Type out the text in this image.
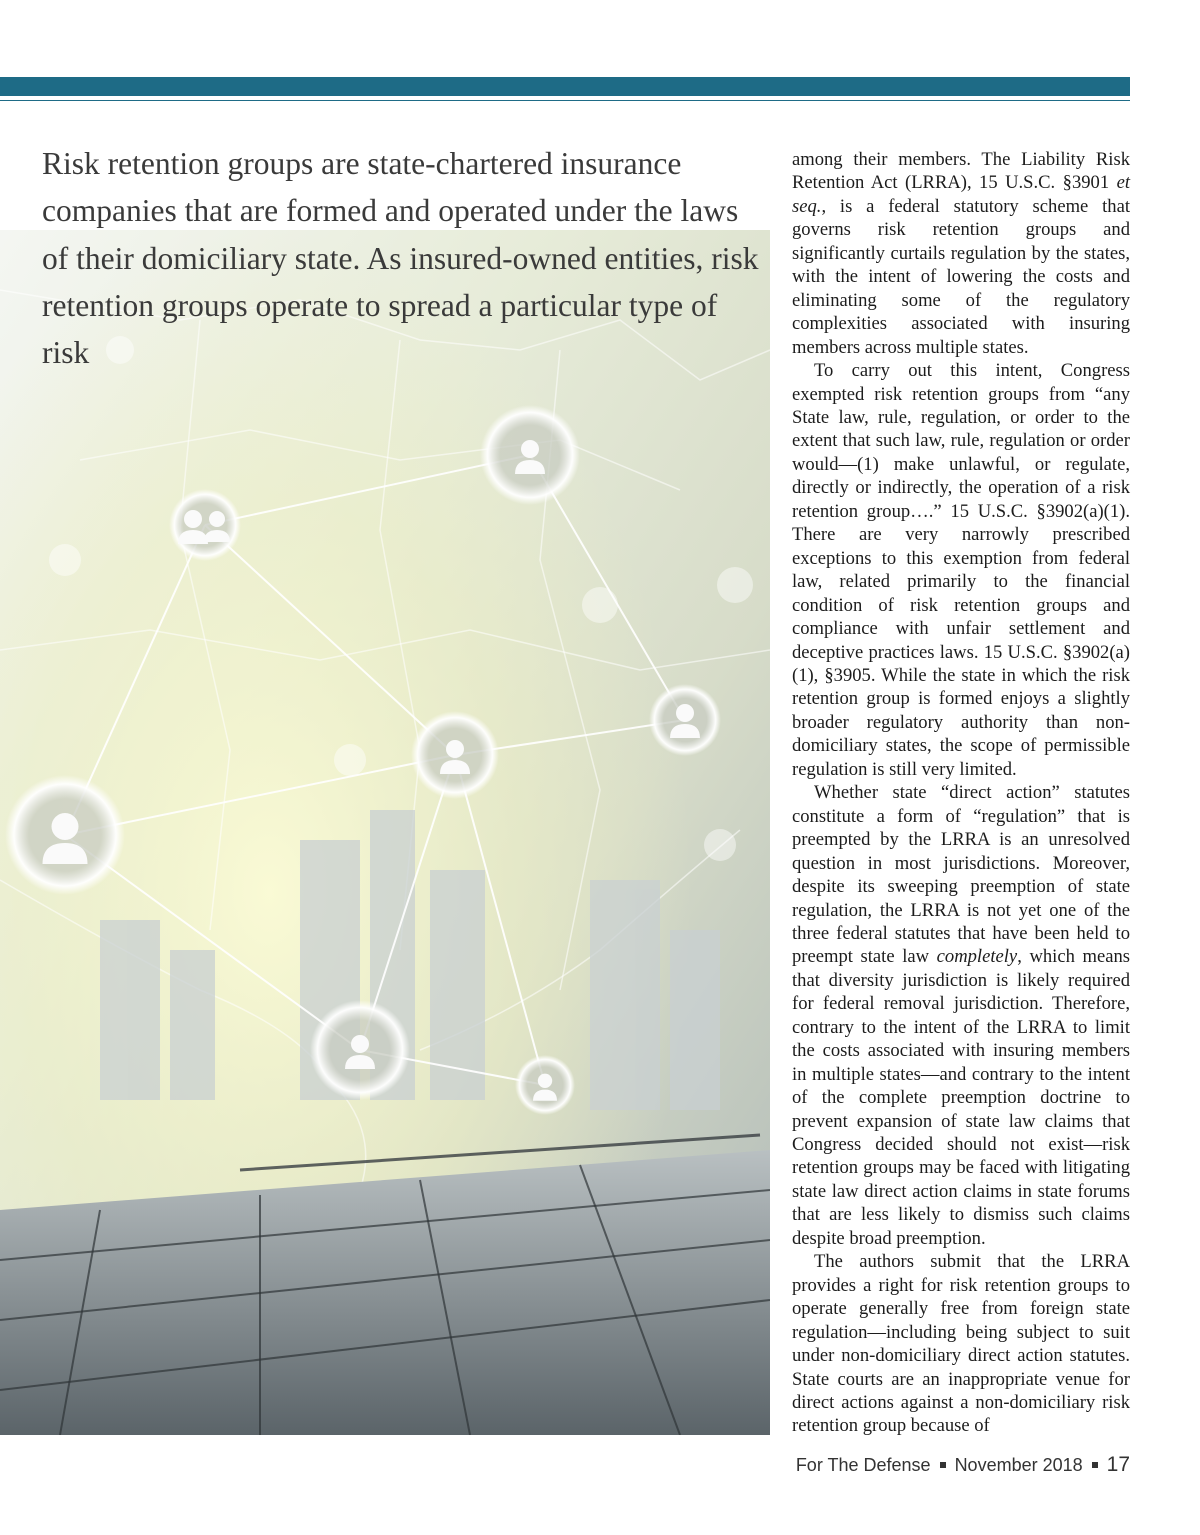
Risk retention groups are state-chartered insurance companies that are formed and operated under the laws of their domiciliary state. As insured-owned entities, risk retention groups operate to spread a particular type of risk

among their members. The Liability Risk Retention Act (LRRA), 15 U.S.C. §3901 et seq., is a federal statutory scheme that governs risk retention groups and significantly curtails regulation by the states, with the intent of lowering the costs and eliminating some of the regulatory complexities associated with insuring members across multiple states.

To carry out this intent, Congress exempted risk retention groups from “any State law, rule, regulation, or order to the extent that such law, rule, regulation or order would—(1) make unlawful, or regulate, directly or indirectly, the operation of a risk retention group….” 15 U.S.C. §3902(a)(1). There are very narrowly prescribed exceptions to this exemption from federal law, related primarily to the financial condition of risk retention groups and compliance with unfair settlement and deceptive practices laws. 15 U.S.C. §3902(a)(1), §3905. While the state in which the risk retention group is formed enjoys a slightly broader regulatory authority than non-domiciliary states, the scope of permissible regulation is still very limited.

Whether state “direct action” statutes constitute a form of “regulation” that is preempted by the LRRA is an unresolved question in most jurisdictions. Moreover, despite its sweeping preemption of state regulation, the LRRA is not yet one of the three federal statutes that have been held to preempt state law completely, which means that diversity jurisdiction is likely required for federal removal jurisdiction. Therefore, contrary to the intent of the LRRA to limit the costs associated with insuring members in multiple states—and contrary to the intent of the complete preemption doctrine to prevent expansion of state law claims that Congress decided should not exist—risk retention groups may be faced with litigating state law direct action claims in state forums that are less likely to dismiss such claims despite broad preemption.

The authors submit that the LRRA provides a right for risk retention groups to operate generally free from foreign state regulation—including being subject to suit under non-domiciliary direct action statutes. State courts are an inappropriate venue for direct actions against a non-domiciliary risk retention group because of

For The Defense November 2018 17
